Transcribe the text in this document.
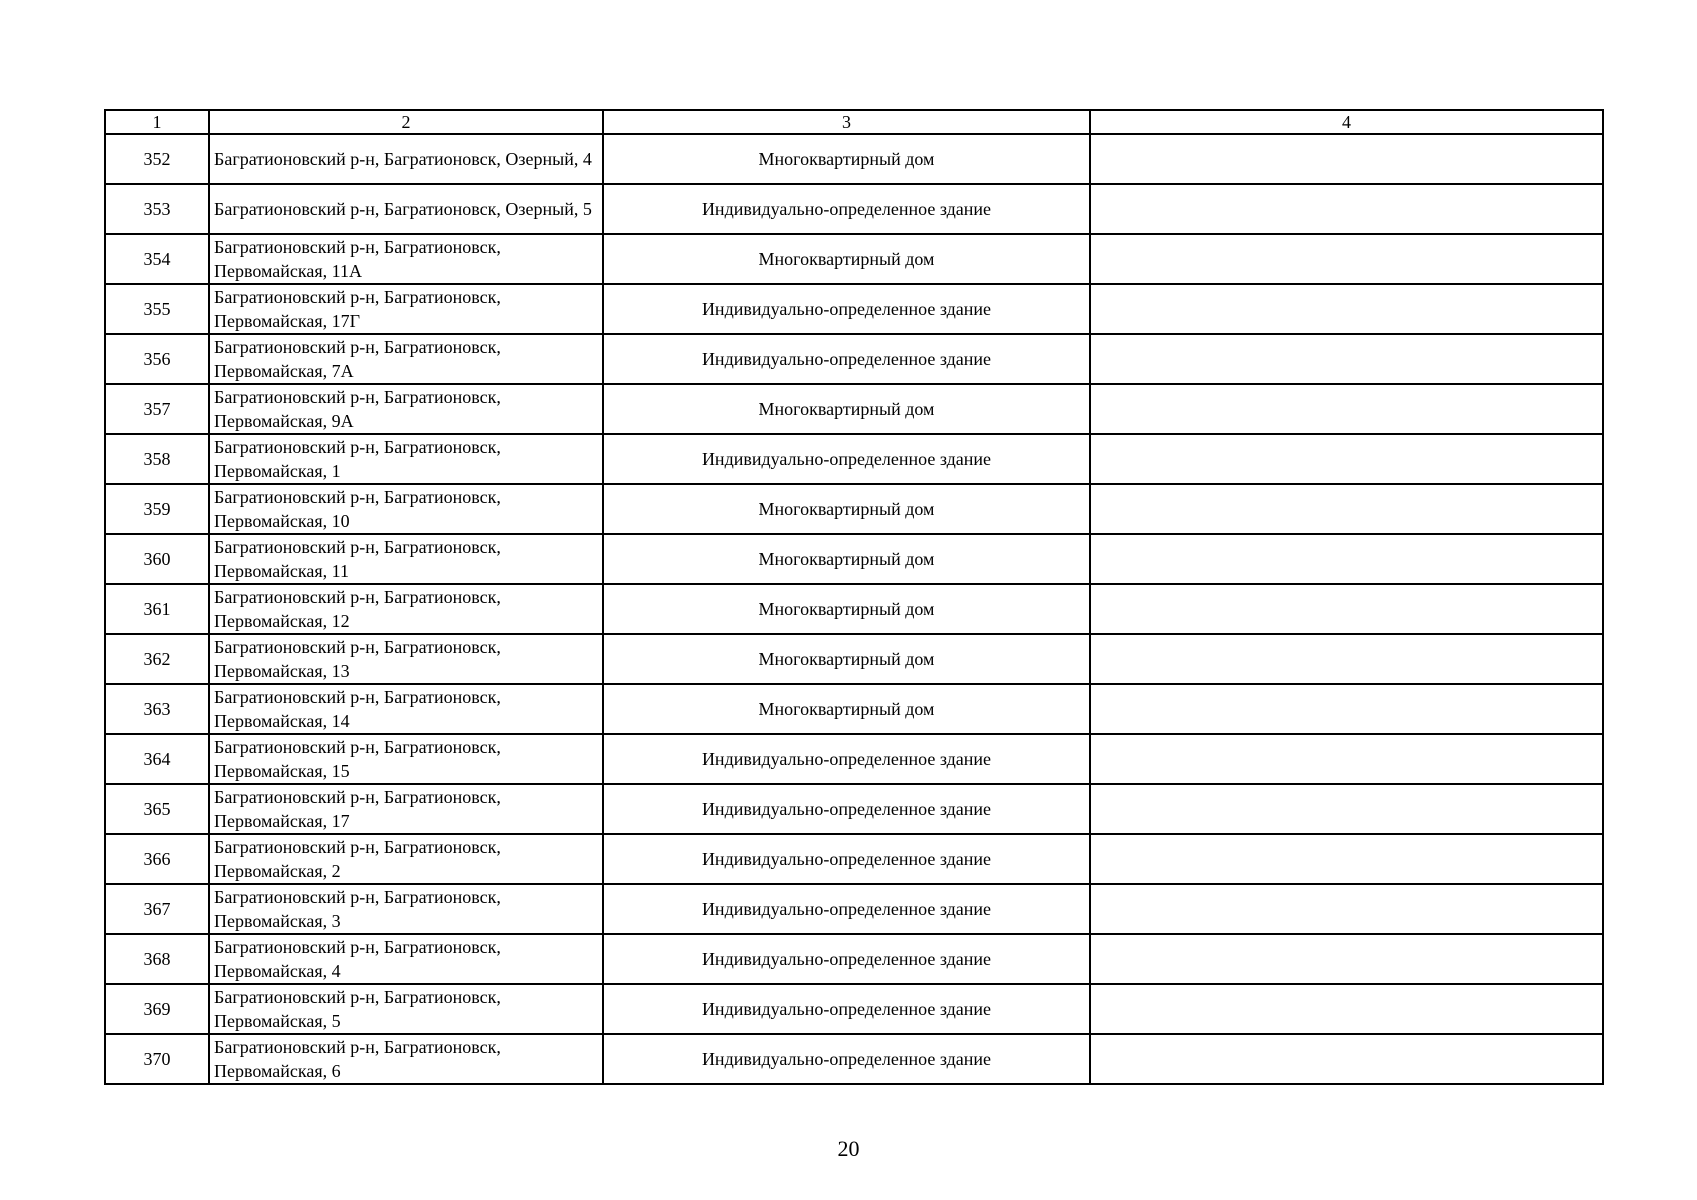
1	2	3	4
352	Багратионовский р-н, Багратионовск, Озерный, 4	Многоквартирный дом	
353	Багратионовский р-н, Багратионовск, Озерный, 5	Индивидуально-определенное здание	
354	Багратионовский р-н, Багратионовск, Первомайская, 11А	Многоквартирный дом	
355	Багратионовский р-н, Багратионовск, Первомайская, 17Г	Индивидуально-определенное здание	
356	Багратионовский р-н, Багратионовск, Первомайская, 7А	Индивидуально-определенное здание	
357	Багратионовский р-н, Багратионовск, Первомайская, 9А	Многоквартирный дом	
358	Багратионовский р-н, Багратионовск, Первомайская, 1	Индивидуально-определенное здание	
359	Багратионовский р-н, Багратионовск, Первомайская, 10	Многоквартирный дом	
360	Багратионовский р-н, Багратионовск, Первомайская, 11	Многоквартирный дом	
361	Багратионовский р-н, Багратионовск, Первомайская, 12	Многоквартирный дом	
362	Багратионовский р-н, Багратионовск, Первомайская, 13	Многоквартирный дом	
363	Багратионовский р-н, Багратионовск, Первомайская, 14	Многоквартирный дом	
364	Багратионовский р-н, Багратионовск, Первомайская, 15	Индивидуально-определенное здание	
365	Багратионовский р-н, Багратионовск, Первомайская, 17	Индивидуально-определенное здание	
366	Багратионовский р-н, Багратионовск, Первомайская, 2	Индивидуально-определенное здание	
367	Багратионовский р-н, Багратионовск, Первомайская, 3	Индивидуально-определенное здание	
368	Багратионовский р-н, Багратионовск, Первомайская, 4	Индивидуально-определенное здание	
369	Багратионовский р-н, Багратионовск, Первомайская, 5	Индивидуально-определенное здание	
370	Багратионовский р-н, Багратионовск, Первомайская, 6	Индивидуально-определенное здание	
20
